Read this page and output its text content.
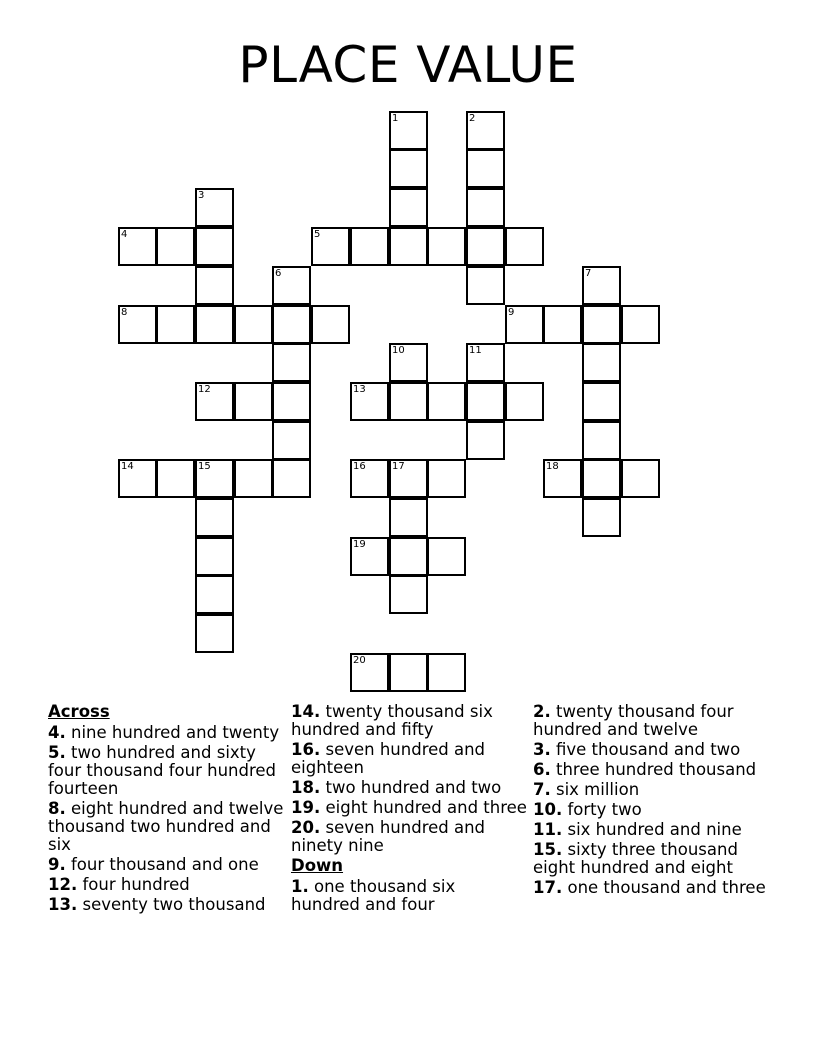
PLACE VALUE
1	2
3
4	5
6	7
8	9
10	11
12	13
14	15	16	17	18
19
20
Across
4. nine hundred and twenty
5. two hundred and sixty four thousand four hundred fourteen
8. eight hundred and twelve thousand two hundred and six
9. four thousand and one
12. four hundred
13. seventy two thousand
14. twenty thousand six hundred and fifty
16. seven hundred and eighteen
18. two hundred and two
19. eight hundred and three
20. seven hundred and ninety nine
Down
1. one thousand six hundred and four
2. twenty thousand four hundred and twelve
3. five thousand and two
6. three hundred thousand
7. six million
10. forty two
11. six hundred and nine
15. sixty three thousand eight hundred and eight
17. one thousand and three
